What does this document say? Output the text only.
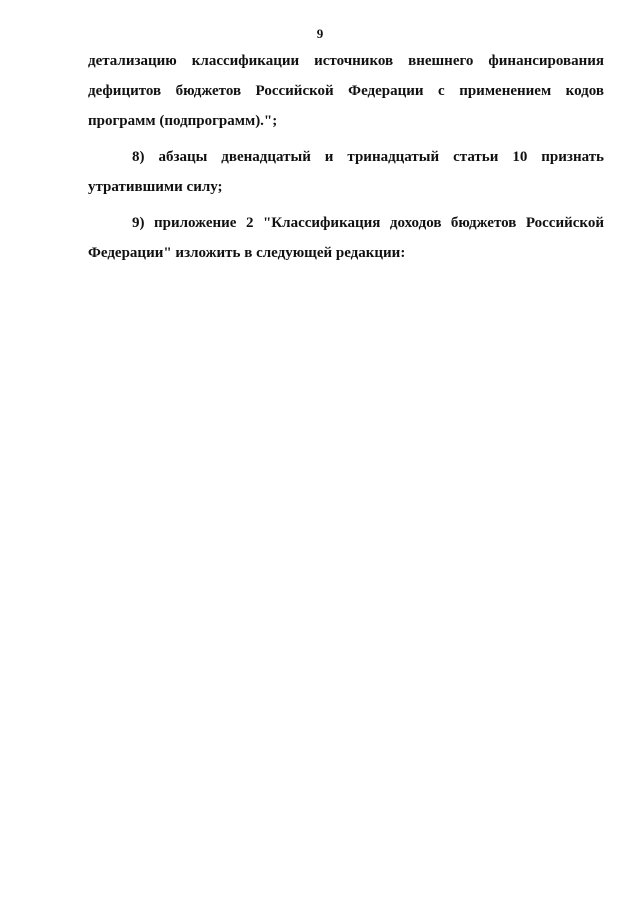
9

детализацию классификации источников внешнего финансирования дефицитов бюджетов Российской Федерации с применением кодов программ (подпрограмм).";

8) абзацы двенадцатый и тринадцатый статьи 10 признать утратившими силу;

9) приложение 2 "Классификация доходов бюджетов Российской Федерации" изложить в следующей редакции:
